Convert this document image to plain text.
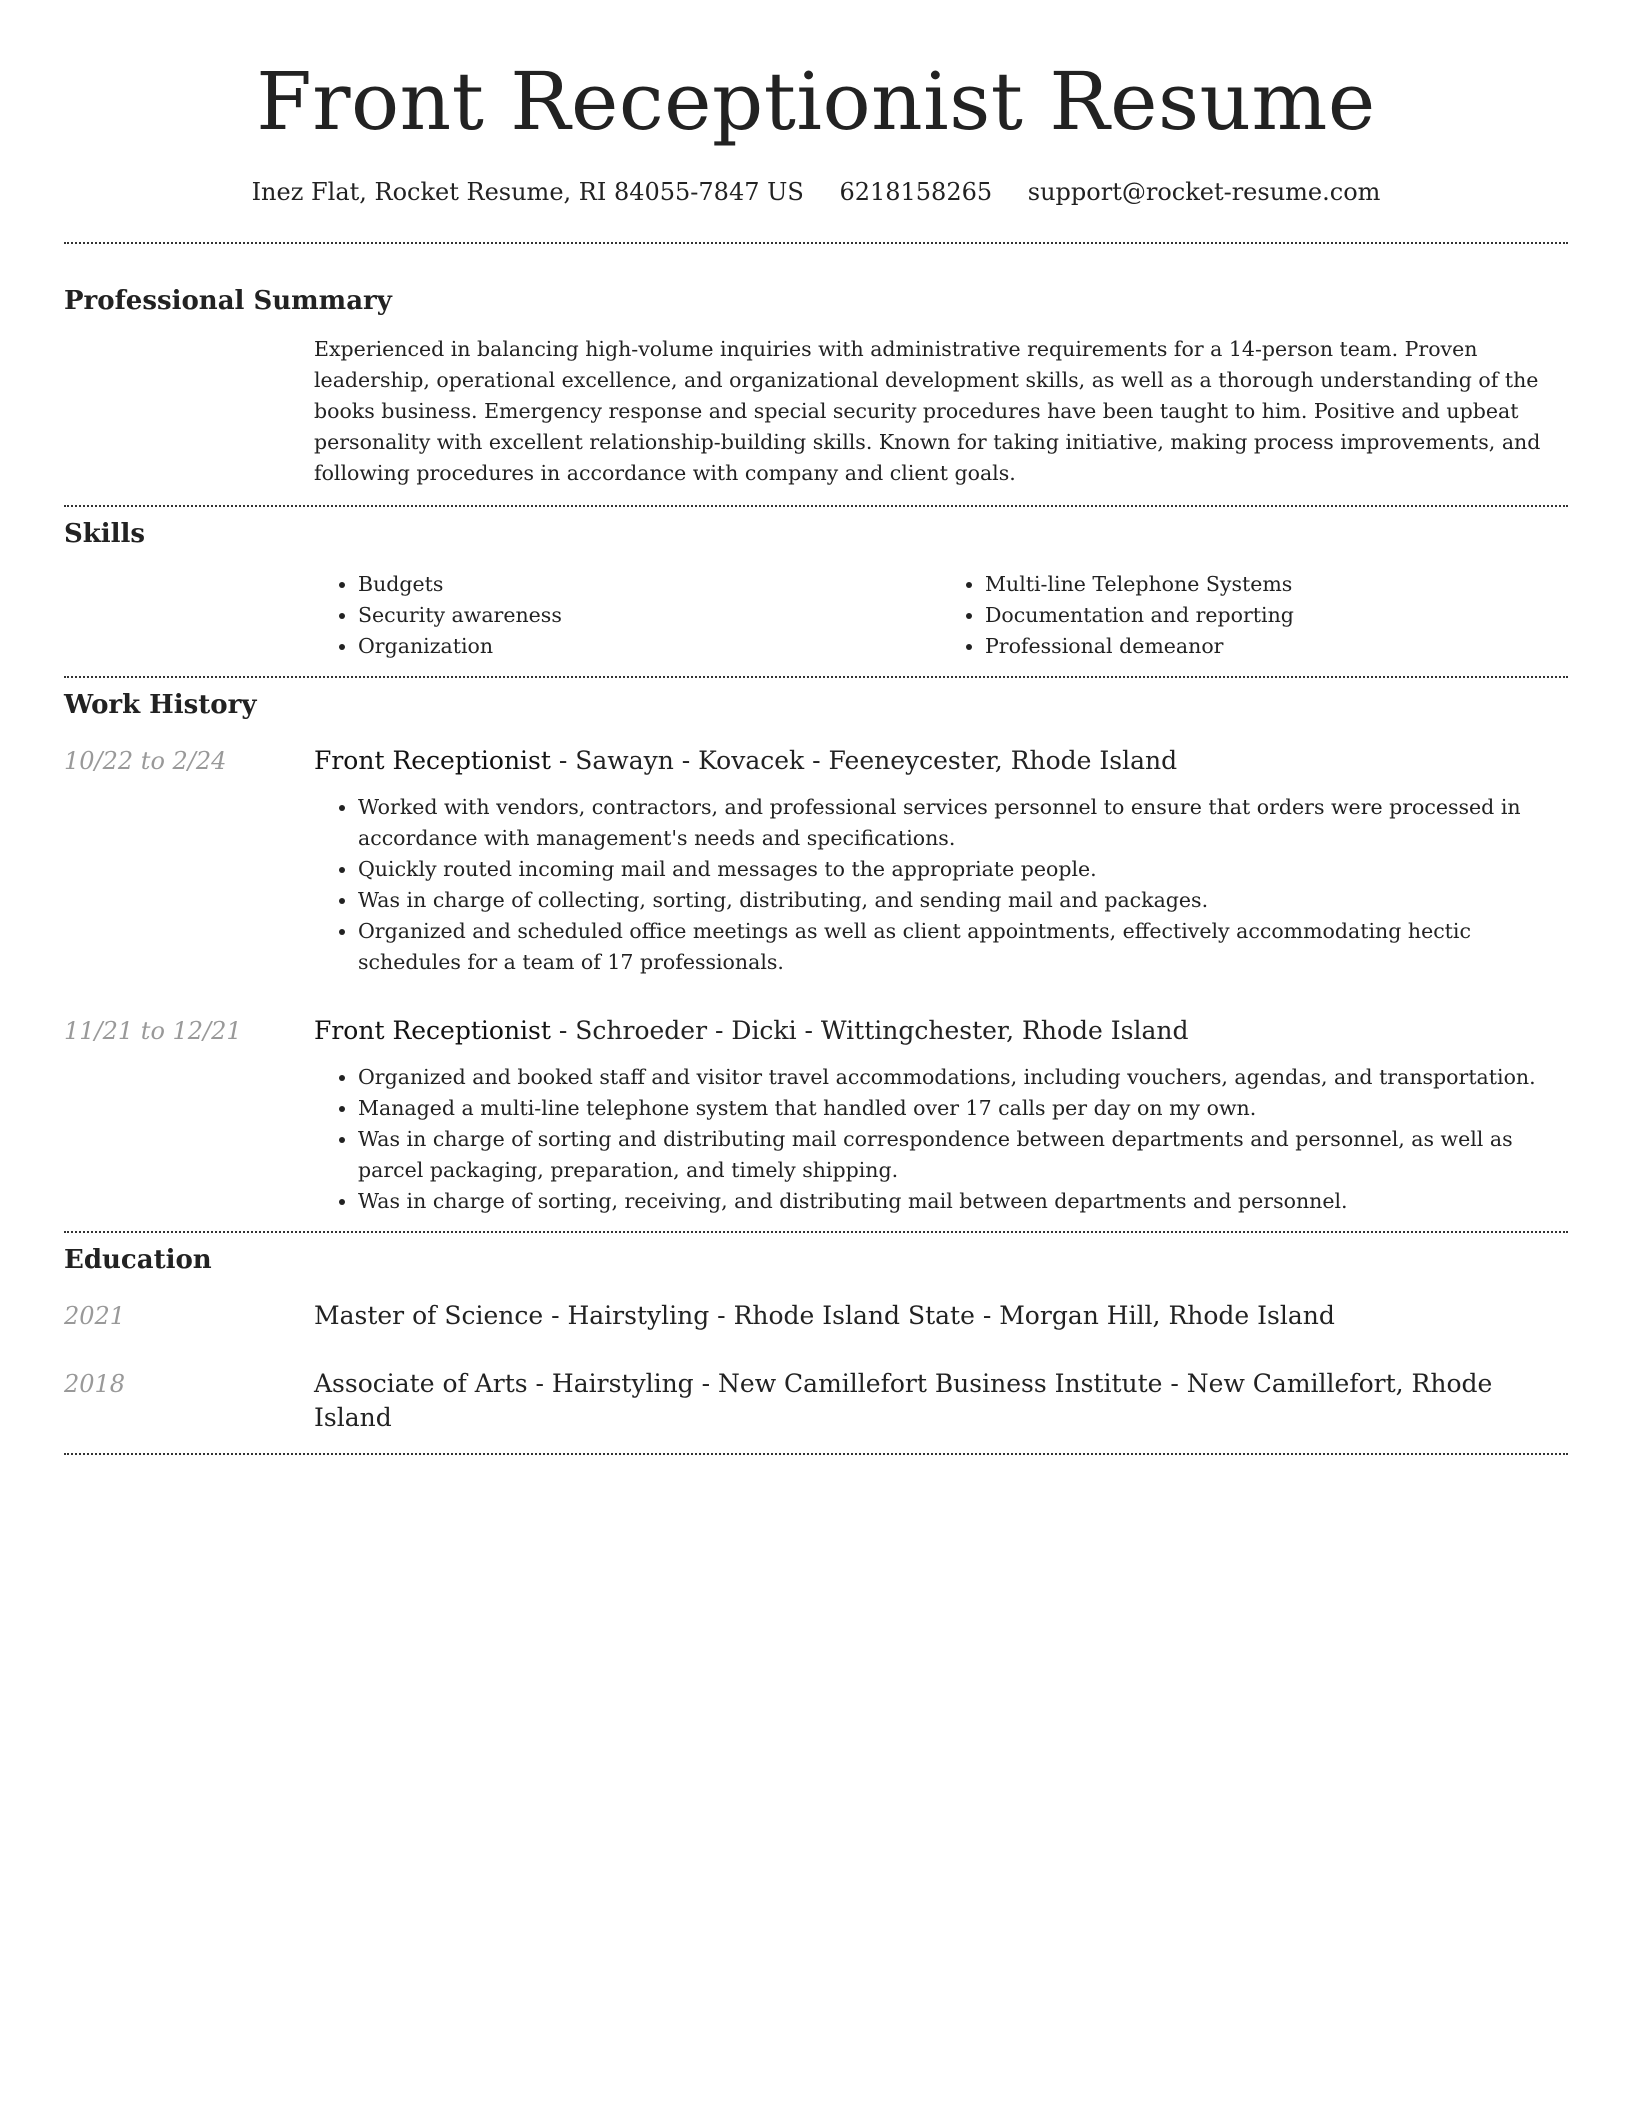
Front Receptionist Resume
Inez Flat, Rocket Resume, RI 84055-7847 US 6218158265 support@rocket-resume.com
Professional Summary

Experienced in balancing high-volume inquiries with administrative requirements for a 14-person team. Proven leadership, operational excellence, and organizational development skills, as well as a thorough understanding of the books business. Emergency response and special security procedures have been taught to him. Positive and upbeat personality with excellent relationship-building skills. Known for taking initiative, making process improvements, and following procedures in accordance with company and client goals.

Skills
• Budgets
• Security awareness
• Organization
• Multi-line Telephone Systems
• Documentation and reporting
• Professional demeanor
Work History
10/22 to 2/24	Front Receptionist - Sawayn - Kovacek - Feeneycester, Rhode Island
• Worked with vendors, contractors, and professional services personnel to ensure that orders were processed in accordance with management's needs and specifications.
• Quickly routed incoming mail and messages to the appropriate people.
• Was in charge of collecting, sorting, distributing, and sending mail and packages.
• Organized and scheduled office meetings as well as client appointments, effectively accommodating hectic schedules for a team of 17 professionals.
11/21 to 12/21	Front Receptionist - Schroeder - Dicki - Wittingchester, Rhode Island
• Organized and booked staff and visitor travel accommodations, including vouchers, agendas, and transportation.
• Managed a multi-line telephone system that handled over 17 calls per day on my own.
• Was in charge of sorting and distributing mail correspondence between departments and personnel, as well as parcel packaging, preparation, and timely shipping.
• Was in charge of sorting, receiving, and distributing mail between departments and personnel.
Education
2021	Master of Science - Hairstyling - Rhode Island State - Morgan Hill, Rhode Island
2018	Associate of Arts - Hairstyling - New Camillefort Business Institute - New Camillefort, Rhode Island
